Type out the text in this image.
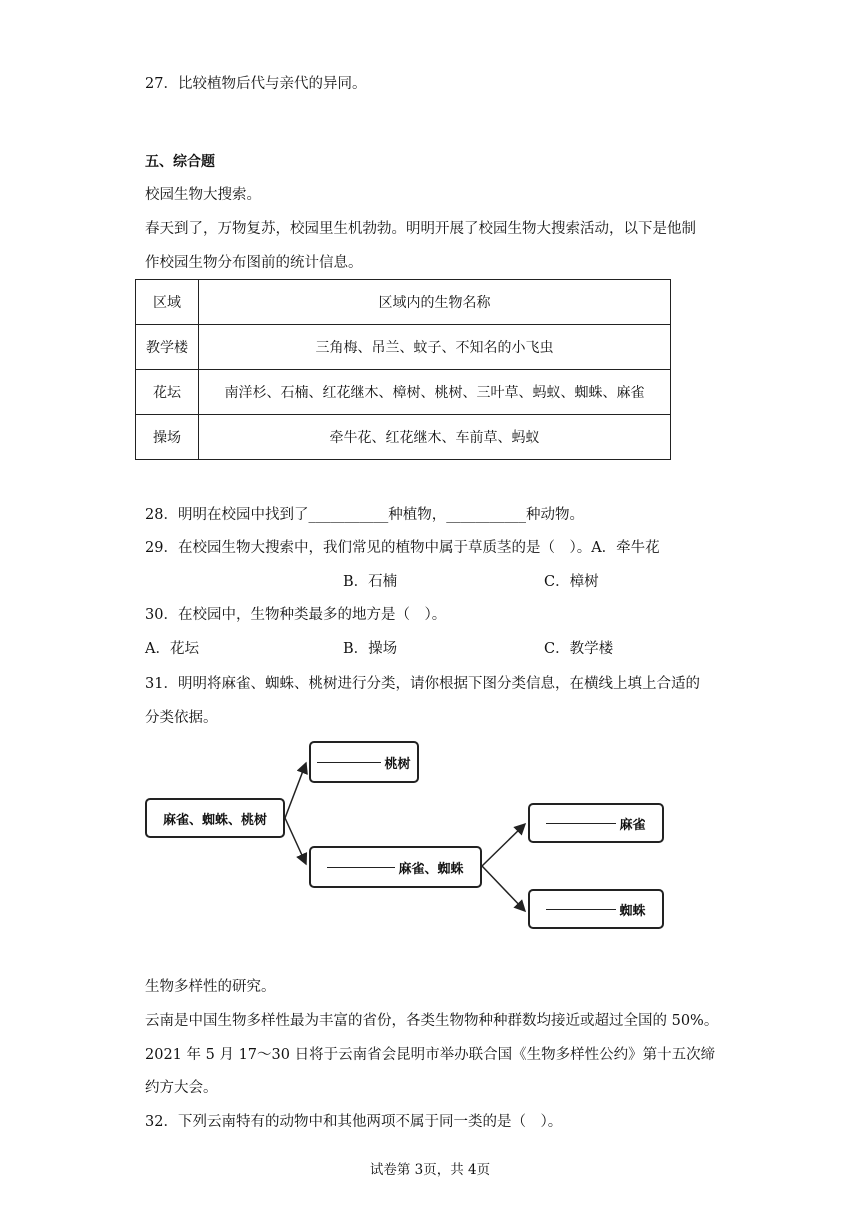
27．比较植物后代与亲代的异同。
五、综合题
校园生物大搜索。
春天到了，万物复苏，校园里生机勃勃。明明开展了校园生物大搜索活动，以下是他制
作校园生物分布图前的统计信息。
区域	区域内的生物名称
教学楼	三角梅、吊兰、蚊子、不知名的小飞虫
花坛	南洋杉、石楠、红花继木、樟树、桃树、三叶草、蚂蚁、蜘蛛、麻雀
操场	牵牛花、红花继木、车前草、蚂蚁
28．明明在校园中找到了___________种植物，___________种动物。
29．在校园生物大搜索中，我们常见的植物中属于草质茎的是（　）。A．牵牛花
B．石楠	C．樟树
30．在校园中，生物种类最多的地方是（　）。
A．花坛	B．操场	C．教学楼
31．明明将麻雀、蜘蛛、桃树进行分类，请你根据下图分类信息，在横线上填上合适的
分类依据。
麻雀、蜘蛛、桃树
桃树
麻雀、蜘蛛
麻雀
蜘蛛
生物多样性的研究。
云南是中国生物多样性最为丰富的省份，各类生物物种种群数均接近或超过全国的 50%。
2021 年 5 月 17～30 日将于云南省会昆明市举办联合国《生物多样性公约》第十五次缔
约方大会。
32．下列云南特有的动物中和其他两项不属于同一类的是（　）。
试卷第 3页，共 4页
